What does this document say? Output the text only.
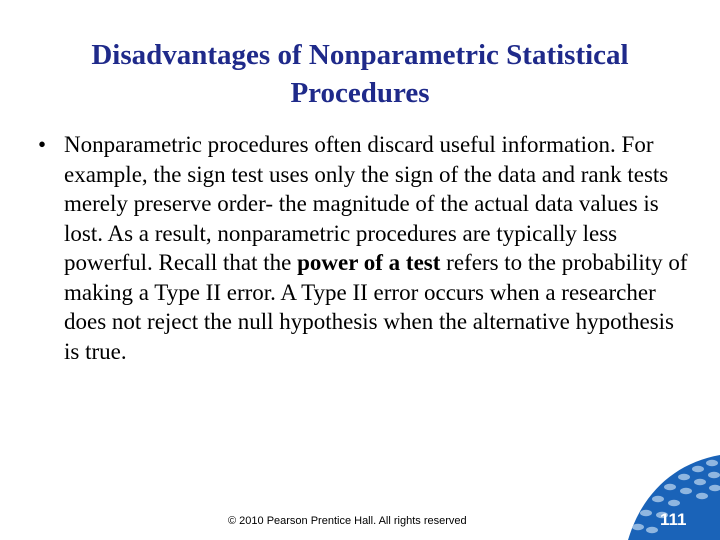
Disadvantages of Nonparametric Statistical
Procedures
• Nonparametric procedures often discard useful information. For example, the sign test uses only the sign of the data and rank tests merely preserve order- the magnitude of the actual data values is lost. As a result, nonparametric procedures are typically less powerful. Recall that the power of a test refers to the probability of making a Type II error. A Type II error occurs when a researcher does not reject the null hypothesis when the alternative hypothesis is true.
© 2010 Pearson Prentice Hall. All rights reserved	111
